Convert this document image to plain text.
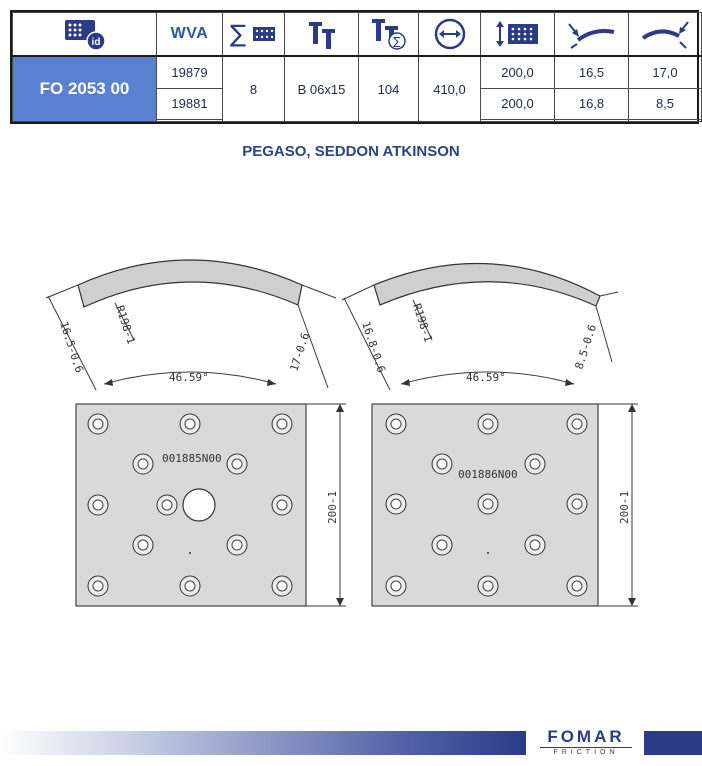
id	WVA	∑		∑

FO 2053 00	19879	8	B 06x15	104	410,0	200,0	16,5	17,0
	19881					200,0	16,8	8,5

PEGASO, SEDDON ATKINSON
16.5-0.6 R198-1
46.59°
17-0.6	16.8-0.6 R198-1
46.59°
8.5-0.6
001885N00
200-1
001886N00
200-1
FOMAR
FRICTION
